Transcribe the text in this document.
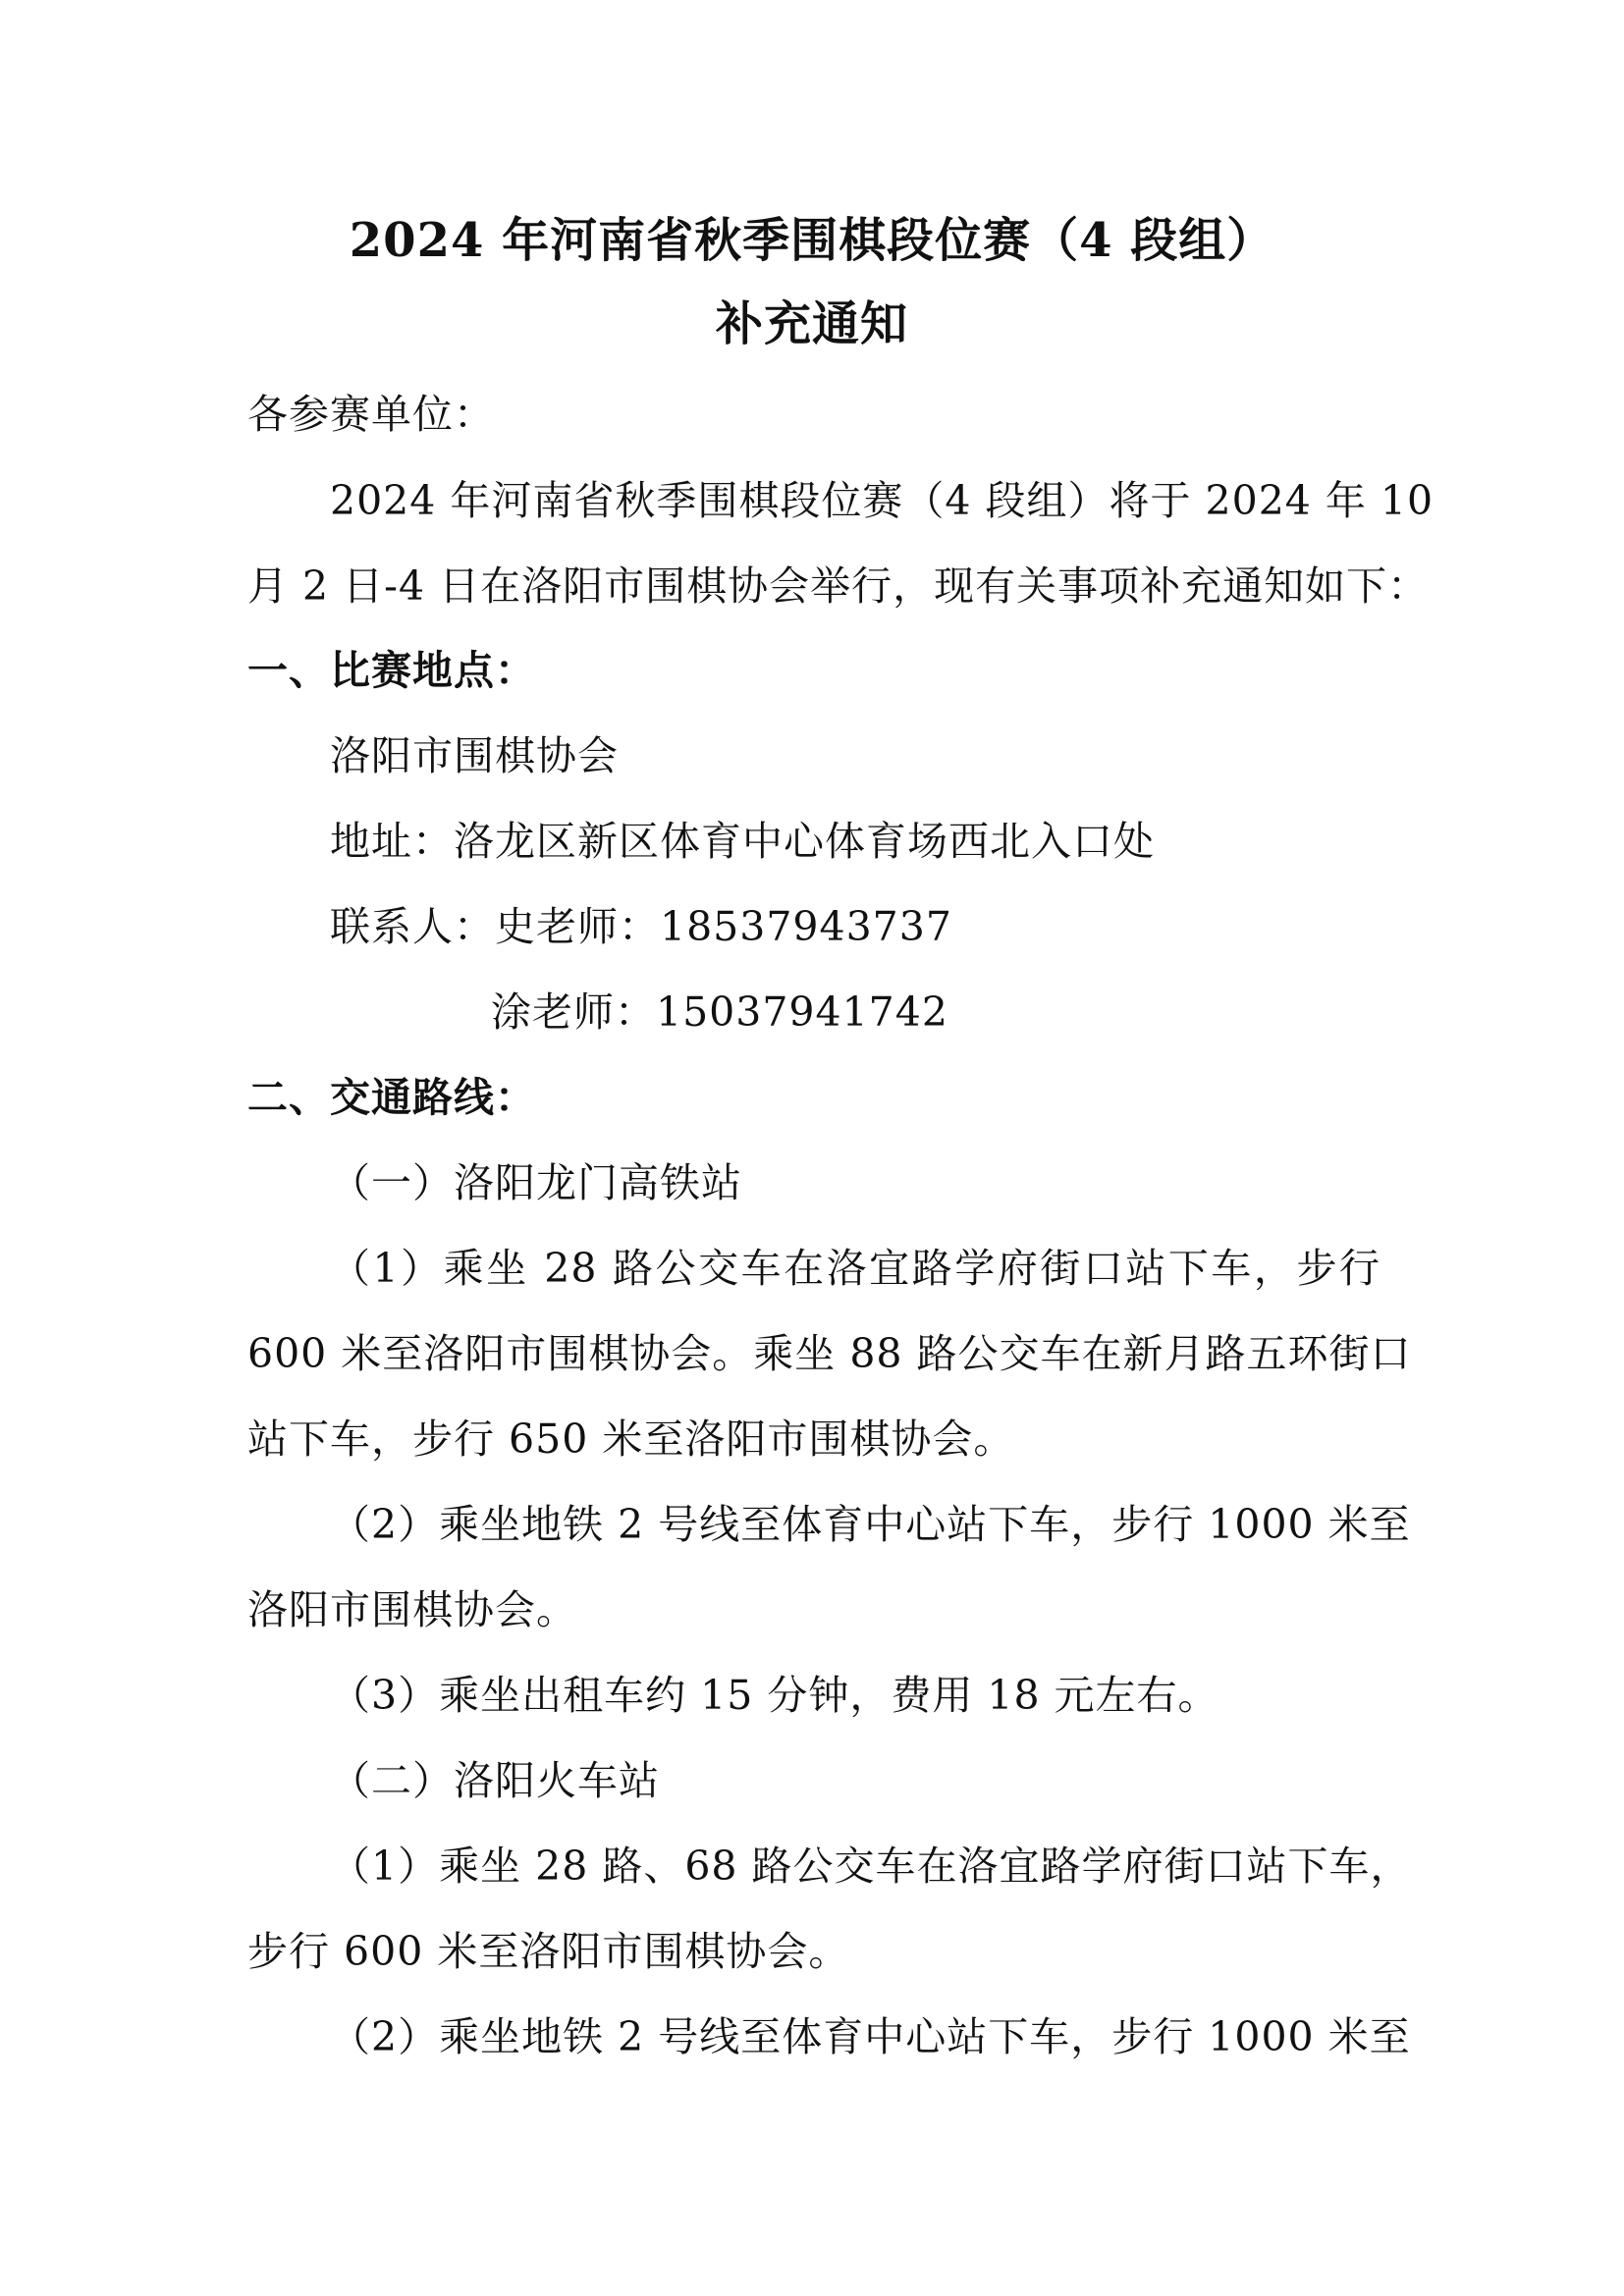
2024 年河南省秋季围棋段位赛（4 段组）
补充通知
各参赛单位：
2024 年河南省秋季围棋段位赛（4 段组）将于 2024 年 10
月 2 日-4 日在洛阳市围棋协会举行，现有关事项补充通知如下：
一、比赛地点：
洛阳市围棋协会
地址：洛龙区新区体育中心体育场西北入口处
联系人：史老师：18537943737
涂老师：15037941742
二、交通路线：
（一）洛阳龙门高铁站
（1）乘坐 28 路公交车在洛宜路学府街口站下车，步行
600 米至洛阳市围棋协会。乘坐 88 路公交车在新月路五环街口
站下车，步行 650 米至洛阳市围棋协会。
（2）乘坐地铁 2 号线至体育中心站下车，步行 1000 米至
洛阳市围棋协会。
（3）乘坐出租车约 15 分钟，费用 18 元左右。
（二）洛阳火车站
（1）乘坐 28 路、68 路公交车在洛宜路学府街口站下车，
步行 600 米至洛阳市围棋协会。
（2）乘坐地铁 2 号线至体育中心站下车，步行 1000 米至
